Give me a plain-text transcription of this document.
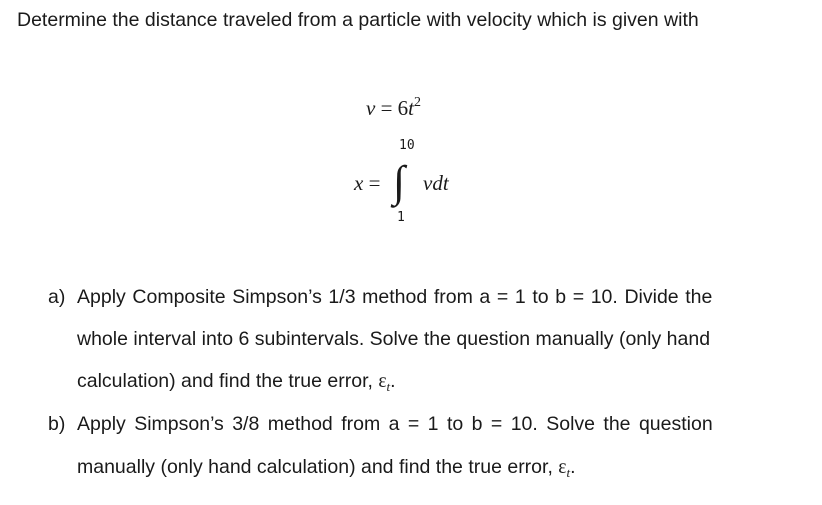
Determine the distance traveled from a particle with velocity which is given with
$v = 6t^2$
10
x = ∫ vdt
1
a) Apply Composite Simpson’s 1/3 method from a = 1 to b = 10. Divide the
whole interval into 6 subintervals. Solve the question manually (only hand
calculation) and find the true error, $\varepsilon_t$.
b) Apply Simpson’s 3/8 method from a = 1 to b = 10. Solve the question
manually (only hand calculation) and find the true error, $\varepsilon_t$.
